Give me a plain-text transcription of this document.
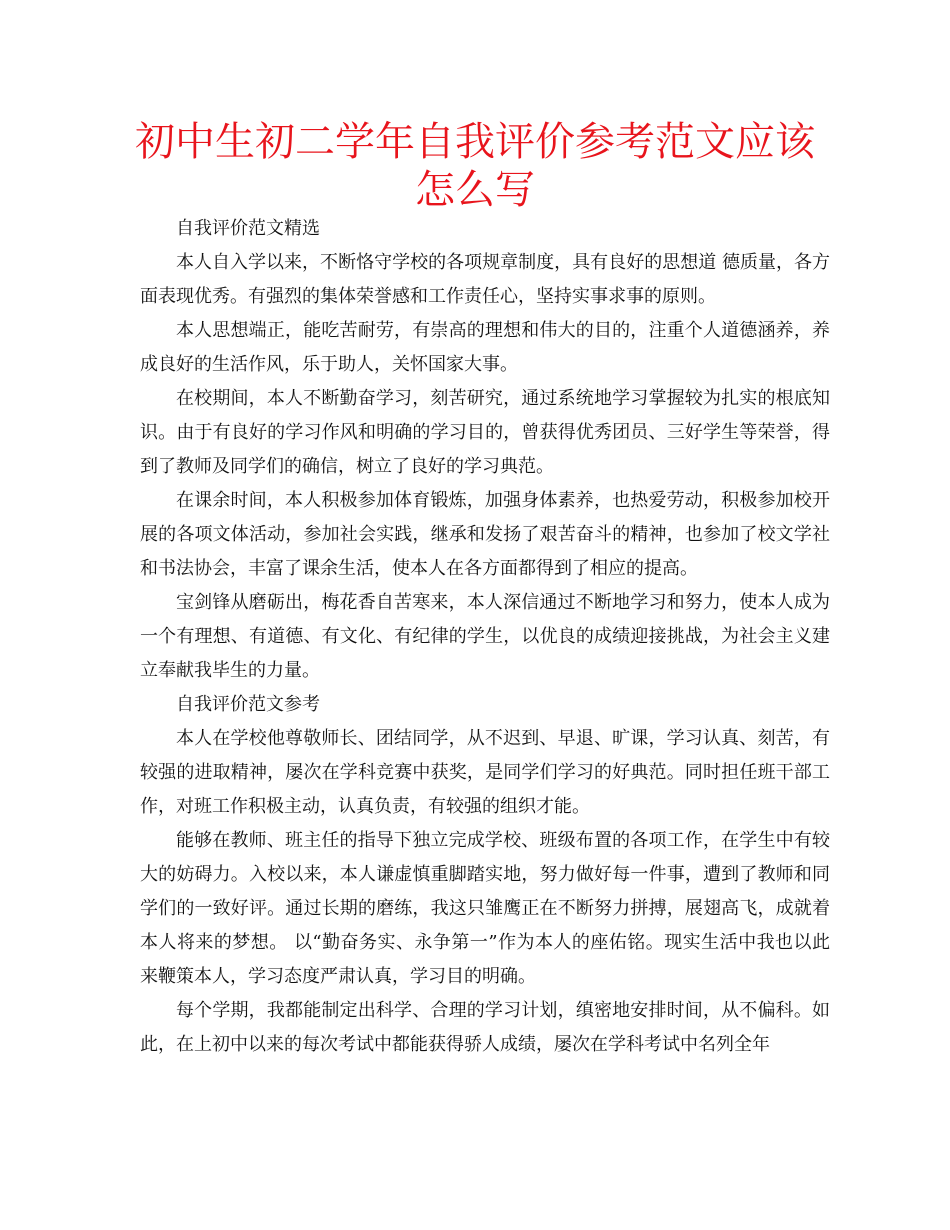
初中生初二学年自我评价参考范文应该怎么写

自我评价范文精选

本人自入学以来，不断恪守学校的各项规章制度，具有良好的思想道 德质量，各方面表现优秀。有强烈的集体荣誉感和工作责任心，坚持实事求事的原则。

本人思想端正，能吃苦耐劳，有崇高的理想和伟大的目的，注重个人道德涵养，养成良好的生活作风，乐于助人，关怀国家大事。

在校期间，本人不断勤奋学习，刻苦研究，通过系统地学习掌握较为扎实的根底知识。由于有良好的学习作风和明确的学习目的，曾获得优秀团员、三好学生等荣誉，得到了教师及同学们的确信，树立了良好的学习典范。

在课余时间，本人积极参加体育锻炼，加强身体素养，也热爱劳动，积极参加校开展的各项文体活动，参加社会实践，继承和发扬了艰苦奋斗的精神，也参加了校文学社和书法协会，丰富了课余生活，使本人在各方面都得到了相应的提高。

宝剑锋从磨砺出，梅花香自苦寒来，本人深信通过不断地学习和努力，使本人成为一个有理想、有道德、有文化、有纪律的学生，以优良的成绩迎接挑战，为社会主义建立奉献我毕生的力量。

自我评价范文参考

本人在学校他尊敬师长、团结同学，从不迟到、早退、旷课，学习认真、刻苦，有较强的进取精神，屡次在学科竞赛中获奖，是同学们学习的好典范。同时担任班干部工作，对班工作积极主动，认真负责，有较强的组织才能。

能够在教师、班主任的指导下独立完成学校、班级布置的各项工作，在学生中有较大的妨碍力。入校以来，本人谦虚慎重脚踏实地，努力做好每一件事，遭到了教师和同学们的一致好评。通过长期的磨练，我这只雏鹰正在不断努力拼搏，展翅高飞，成就着本人将来的梦想。 以“勤奋务实、永争第一”作为本人的座佑铭。现实生活中我也以此来鞭策本人，学习态度严肃认真，学习目的明确。

每个学期，我都能制定出科学、合理的学习计划，缜密地安排时间，从不偏科。如此，在上初中以来的每次考试中都能获得骄人成绩，屡次在学科考试中名列全年
